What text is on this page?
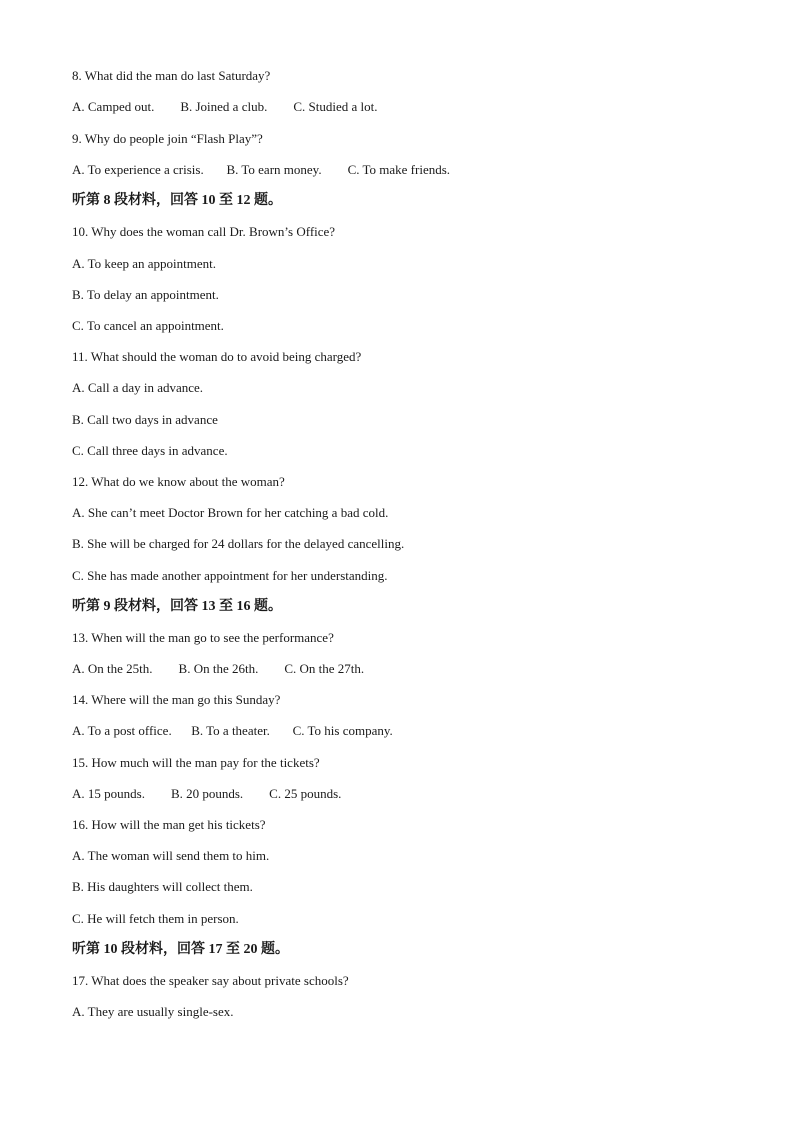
8. What did the man do last Saturday?
A. Camped out.        B. Joined a club.        C. Studied a lot.
9. Why do people join “Flash Play”?
A. To experience a crisis.       B. To earn money.        C. To make friends.
听第 8 段材料，回答 10 至 12 题。
10. Why does the woman call Dr. Brown’s Office?
A. To keep an appointment.
B. To delay an appointment.
C. To cancel an appointment.
11. What should the woman do to avoid being charged?
A. Call a day in advance.
B. Call two days in advance
C. Call three days in advance.
12. What do we know about the woman?
A. She can’t meet Doctor Brown for her catching a bad cold.
B. She will be charged for 24 dollars for the delayed cancelling.
C. She has made another appointment for her understanding.
听第 9 段材料，回答 13 至 16 题。
13. When will the man go to see the performance?
A. On the 25th.        B. On the 26th.        C. On the 27th.
14. Where will the man go this Sunday?
A. To a post office.      B. To a theater.       C. To his company.
15. How much will the man pay for the tickets?
A. 15 pounds.        B. 20 pounds.        C. 25 pounds.
16. How will the man get his tickets?
A. The woman will send them to him.
B. His daughters will collect them.
C. He will fetch them in person.
听第 10 段材料，回答 17 至 20 题。
17. What does the speaker say about private schools?
A. They are usually single-sex.
